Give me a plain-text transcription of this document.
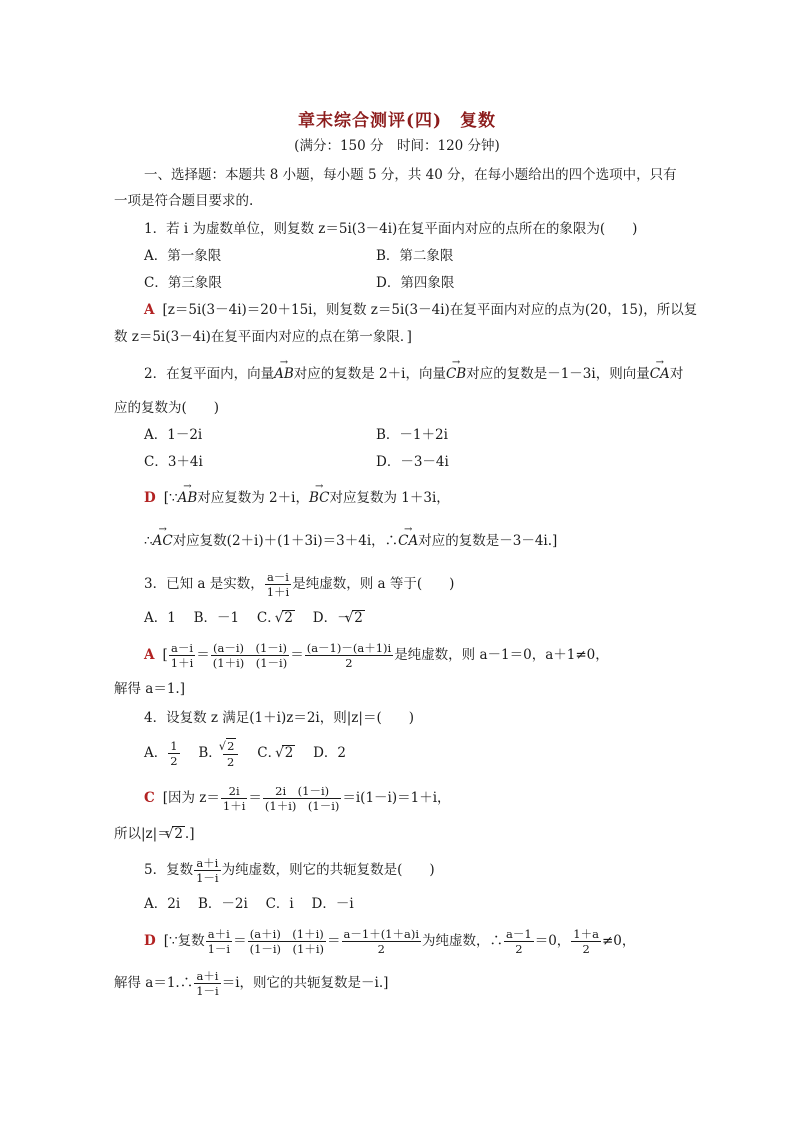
章末综合测评(四)　复数
(满分：150 分　时间：120 分钟)
一、选择题：本题共 8 小题，每小题 5 分，共 40 分，在每小题给出的四个选项中，只有
一项是符合题目要求的.
1．若 i 为虚数单位，则复数 z＝5i(3－4i)在复平面内对应的点所在的象限为(　　)
A．第一象限	B．第二象限
C．第三象限	D．第四象限
A [z＝5i(3－4i)＝20＋15i，则复数 z＝5i(3－4i)在复平面内对应的点为(20，15)，所以复
数 z＝5i(3－4i)在复平面内对应的点在第一象限．]
2．在复平面内，向量→ AB对应的复数是 2＋i，向量→ CB对应的复数是－1－3i，则向量→ CA对
应的复数为(　　)
A．1－2i	B．－1＋2i
C．3＋4i	D．－3－4i
D [∵→ AB对应复数为 2＋i，→ BC对应复数为 1＋3i，
∴→ AC对应复数(2＋i)＋(1＋3i)＝3＋4i，∴→ CA对应的复数是－3－4i.]
3．已知 a 是实数， $\frac{a-i}{1+i}$ 是纯虚数，则 a 等于(　　)
A．1　 B．－1　 C． √ 2　 D．－ √ 2
A [ $\frac{a-i}{1+i} = \frac{(a-i) (1-i)}{(1+i) (1-i)} = \frac{(a-1)-(a+1)i}{2}$ 是纯虚数，则 a－1＝0，a＋1≠0，
解得 a＝1.]
4．设复数 z 满足(1＋i)z＝2i，则|z|＝(　　)
A． $\frac{1}{2}$ 　 B． √ $\frac{2}{2}$ 　 C． √ 2　 D．2
C [因为 $z= \frac{2i}{1+i} = \frac{2i (1-i)}{(1+i) (1-i)} =i(1-i)=1+i$，
所以|z|＝ √ 2 .]
5．复数 $\frac{a+i}{1-i}$ 为纯虚数，则它的共轭复数是(　　)
A．2i　 B．－2i　 C．i　 D．－i
D [∵复数 $\frac{a+i}{1-i} = \frac{(a+i) (1+i)}{(1-i) (1+i)} = \frac{a-1+(1+a)i}{2}$ 为纯虚数，∴ $\frac{a-1}{2} =0$， $\frac{1+a}{2} \ne 0$，
解得 a＝1.∴ $\frac{a+i}{1-i} =i$，则它的共轭复数是－i.]
